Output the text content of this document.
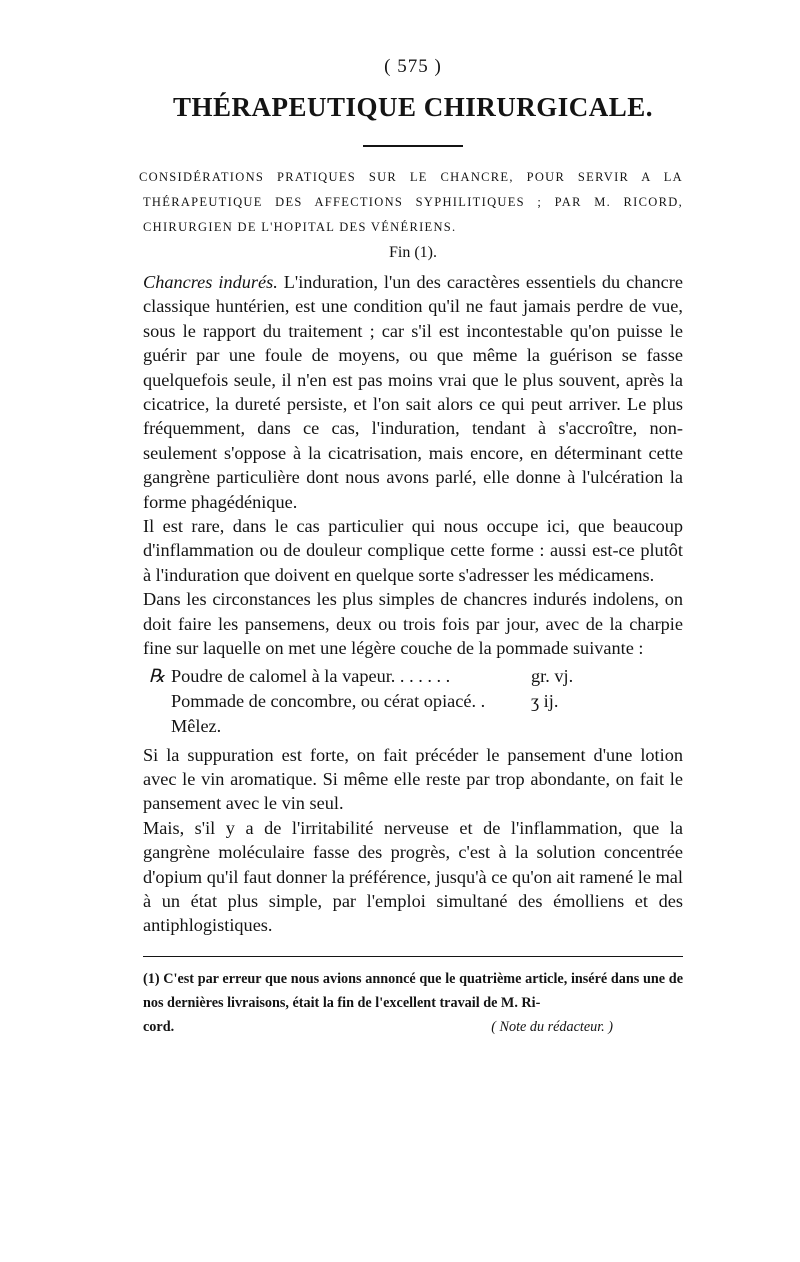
( 575 )
THÉRAPEUTIQUE CHIRURGICALE.

CONSIDÉRATIONS PRATIQUES SUR LE CHANCRE, POUR SERVIR A LA THÉRAPEUTIQUE DES AFFECTIONS SYPHILITIQUES ; PAR M. RICORD, CHIRURGIEN DE L'HOPITAL DES VÉNÉRIENS.

Fin (1).

Chancres indurés. L'induration, l'un des caractères essentiels du chancre classique huntérien, est une condition qu'il ne faut jamais perdre de vue, sous le rapport du traitement ; car s'il est incontestable qu'on puisse le guérir par une foule de moyens, ou que même la guérison se fasse quelquefois seule, il n'en est pas moins vrai que le plus souvent, après la cicatrice, la dureté persiste, et l'on sait alors ce qui peut arriver. Le plus fréquemment, dans ce cas, l'induration, tendant à s'accroître, non-seulement s'oppose à la cicatrisation, mais encore, en déterminant cette gangrène particulière dont nous avons parlé, elle donne à l'ulcération la forme phagédénique.

Il est rare, dans le cas particulier qui nous occupe ici, que beaucoup d'inflammation ou de douleur complique cette forme : aussi est-ce plutôt à l'induration que doivent en quelque sorte s'adresser les médicamens.

Dans les circonstances les plus simples de chancres indurés indolens, on doit faire les pansemens, deux ou trois fois par jour, avec de la charpie fine sur laquelle on met une légère couche de la pommade suivante :

℞ Poudre de calomel à la vapeur. . . . . . .	gr. vj.
Pommade de concombre, ou cérat opiacé. .	ʒ ij.
Mêlez.

Si la suppuration est forte, on fait précéder le pansement d'une lotion avec le vin aromatique. Si même elle reste par trop abondante, on fait le pansement avec le vin seul.

Mais, s'il y a de l'irritabilité nerveuse et de l'inflammation, que la gangrène moléculaire fasse des progrès, c'est à la solution concentrée d'opium qu'il faut donner la préférence, jusqu'à ce qu'on ait ramené le mal à un état plus simple, par l'emploi simultané des émolliens et des antiphlogistiques.

(1) C'est par erreur que nous avions annoncé que le quatrième article, inséré dans une de nos dernières livraisons, était la fin de l'excellent travail de M. Ri-

cord.	( Note du rédacteur. )
